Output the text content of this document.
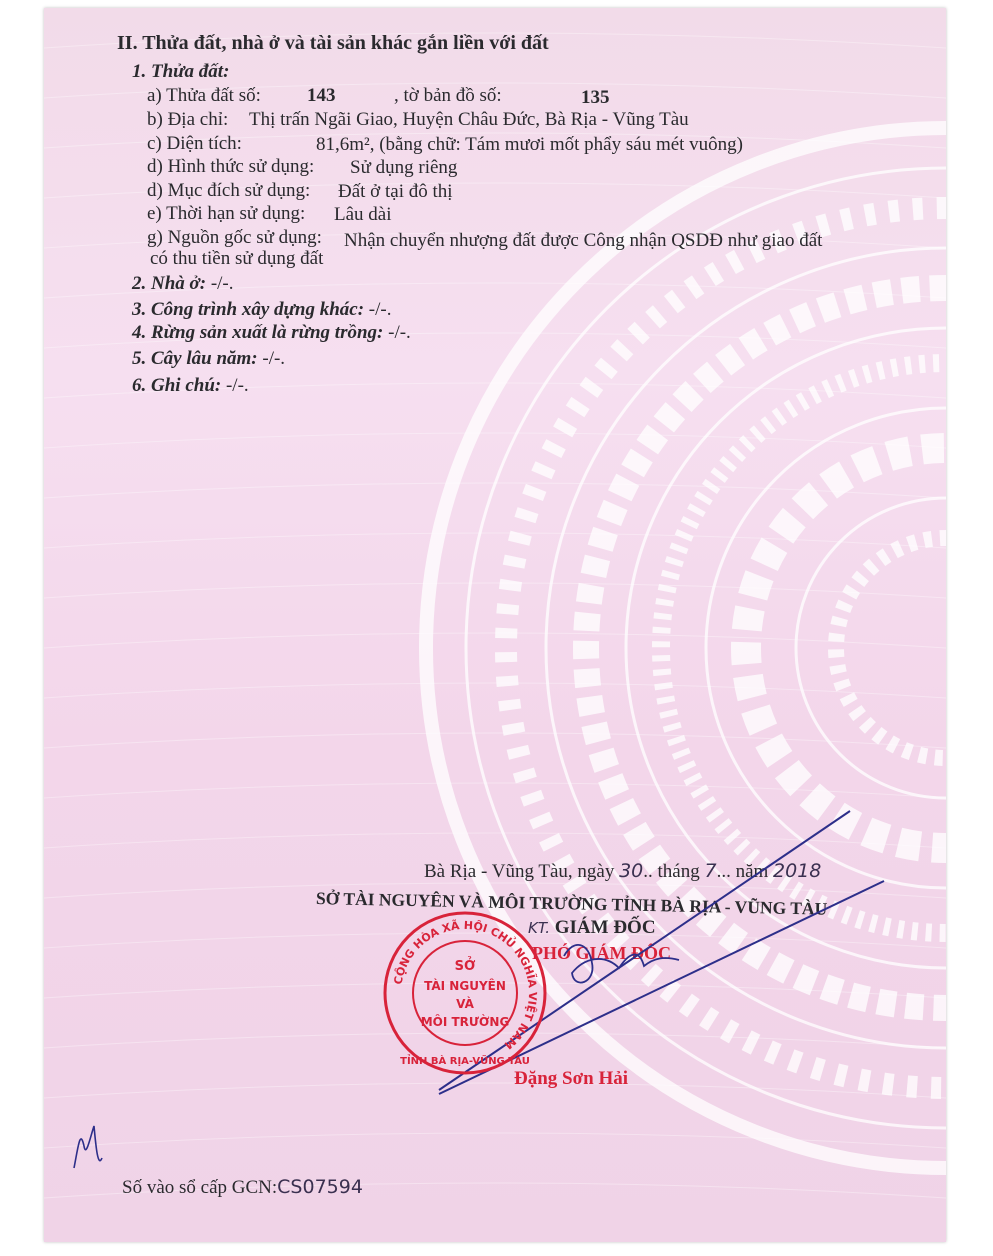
II. Thửa đất, nhà ở và tài sản khác gắn liền với đất
1. Thửa đất:
a) Thửa đất số: 143	, tờ bản đồ số:	135
b) Địa chỉ: Thị trấn Ngãi Giao, Huyện Châu Đức, Bà Rịa - Vũng Tàu
c) Diện tích:	81,6m², (bằng chữ: Tám mươi mốt phẩy sáu mét vuông)
d) Hình thức sử dụng: Sử dụng riêng
d) Mục đích sử dụng: Đất ở tại đô thị
e) Thời hạn sử dụng: Lâu dài
g) Nguồn gốc sử dụng: Nhận chuyển nhượng đất được Công nhận QSDĐ như giao đất
có thu tiền sử dụng đất
2. Nhà ở: -/-.
3. Công trình xây dựng khác: -/-.
4. Rừng sản xuất là rừng trồng: -/-.
5. Cây lâu năm: -/-.
6. Ghi chú: -/-.
Bà Rịa - Vũng Tàu, ngày 30.. tháng 7... năm 2018
SỞ TÀI NGUYÊN VÀ MÔI TRƯỜNG TỈNH BÀ RỊA - VŨNG TÀU
KT. GIÁM ĐỐC
PHÓ GIÁM ĐỐC
Đặng Sơn Hải
CỘNG HÒA XÃ HỘI CHỦ NGHĨA VIỆT NAM
TỈNH BÀ RỊA-VŨNG TÀU
SỞ
TÀI NGUYÊN
VÀ
MÔI TRƯỜNG
Số vào sổ cấp GCN:CS07594
